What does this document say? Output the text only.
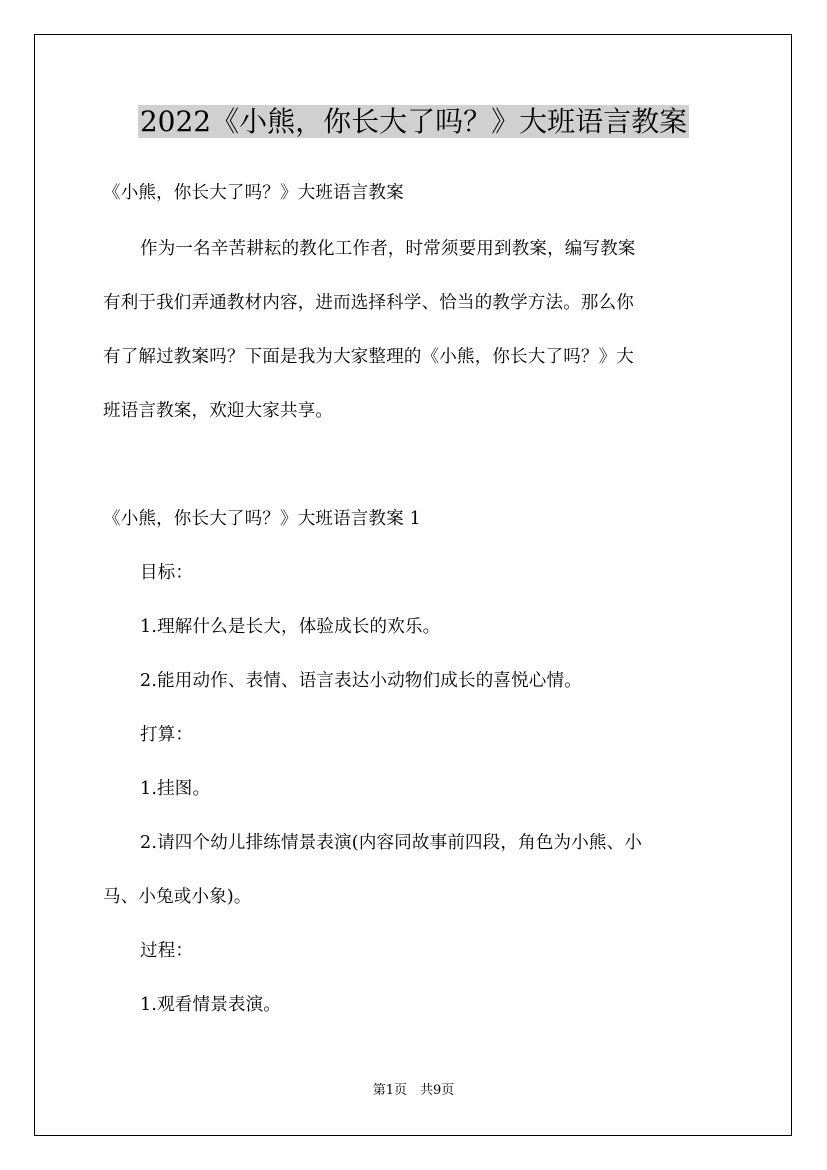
2022《小熊，你长大了吗？》大班语言教案
《小熊，你长大了吗？》大班语言教案
作为一名辛苦耕耘的教化工作者，时常须要用到教案，编写教案
有利于我们弄通教材内容，进而选择科学、恰当的教学方法。那么你
有了解过教案吗？下面是我为大家整理的《小熊，你长大了吗？》大
班语言教案，欢迎大家共享。
《小熊，你长大了吗？》大班语言教案 1
目标：
1.理解什么是长大，体验成长的欢乐。
2.能用动作、表情、语言表达小动物们成长的喜悦心情。
打算：
1.挂图。
2.请四个幼儿排练情景表演(内容同故事前四段，角色为小熊、小
马、小兔或小象)。
过程：
1.观看情景表演。
第1页　共9页
